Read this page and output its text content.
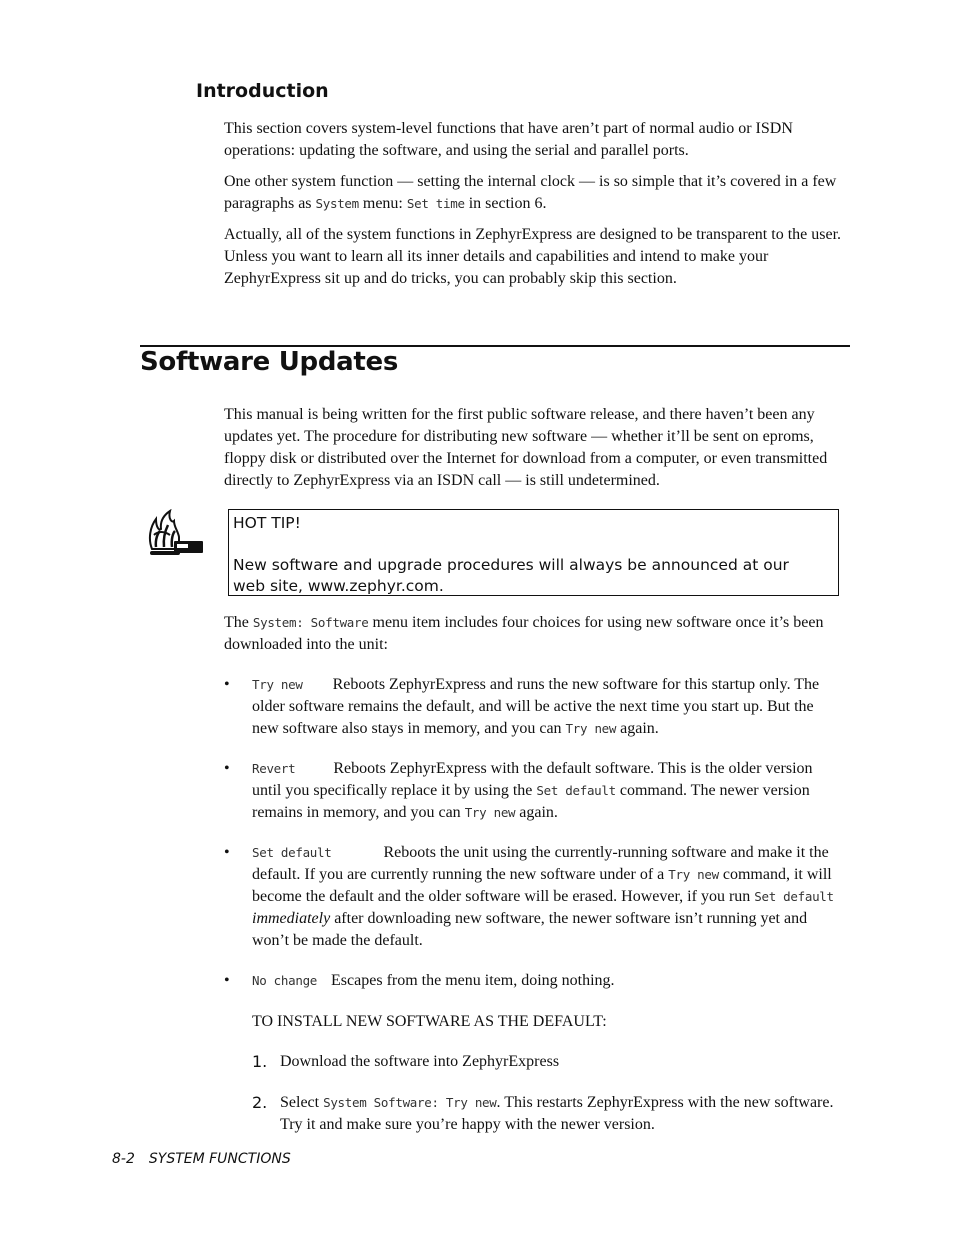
Introduction

This section covers system-level functions that have aren’t part of normal audio or ISDN operations: updating the software, and using the serial and parallel ports.

One other system function — setting the internal clock — is so simple that it’s covered in a few paragraphs as System menu: Set time in section 6.

Actually, all of the system functions in ZephyrExpress are designed to be transparent to the user. Unless you want to learn all its inner details and capabilities and intend to make your ZephyrExpress sit up and do tricks, you can probably skip this section.

Software Updates

This manual is being written for the first public software release, and there haven’t been any updates yet. The procedure for distributing new software — whether it’ll be sent on eproms, floppy disk or distributed over the Internet for download from a computer, or even transmitted directly to ZephyrExpress via an ISDN call — is still undetermined.

HOT TIP!
New software and upgrade procedures will always be announced at our web site, www.zephyr.com.

The System: Software menu item includes four choices for using new software once it’s been downloaded into the unit:

• Try new Reboots ZephyrExpress and runs the new software for this startup only. The older software remains the default, and will be active the next time you start up. But the new software also stays in memory, and you can Try new again.

• Revert Reboots ZephyrExpress with the default software. This is the older version until you specifically replace it by using the Set default command. The newer version remains in memory, and you can Try new again.

• Set default	Reboots the unit using the currently-running software and make it the default. If you are currently running the new software under of a Try new command, it will become the default and the older software will be erased. However, if you run Set default immediately after downloading new software, the newer software isn’t running yet and won’t be made the default.

• No change Escapes from the menu item, doing nothing.

TO INSTALL NEW SOFTWARE AS THE DEFAULT:

1. Download the software into ZephyrExpress

2. Select System Software: Try new. This restarts ZephyrExpress with the new software. Try it and make sure you’re happy with the newer version.

8-2 SYSTEM FUNCTIONS
